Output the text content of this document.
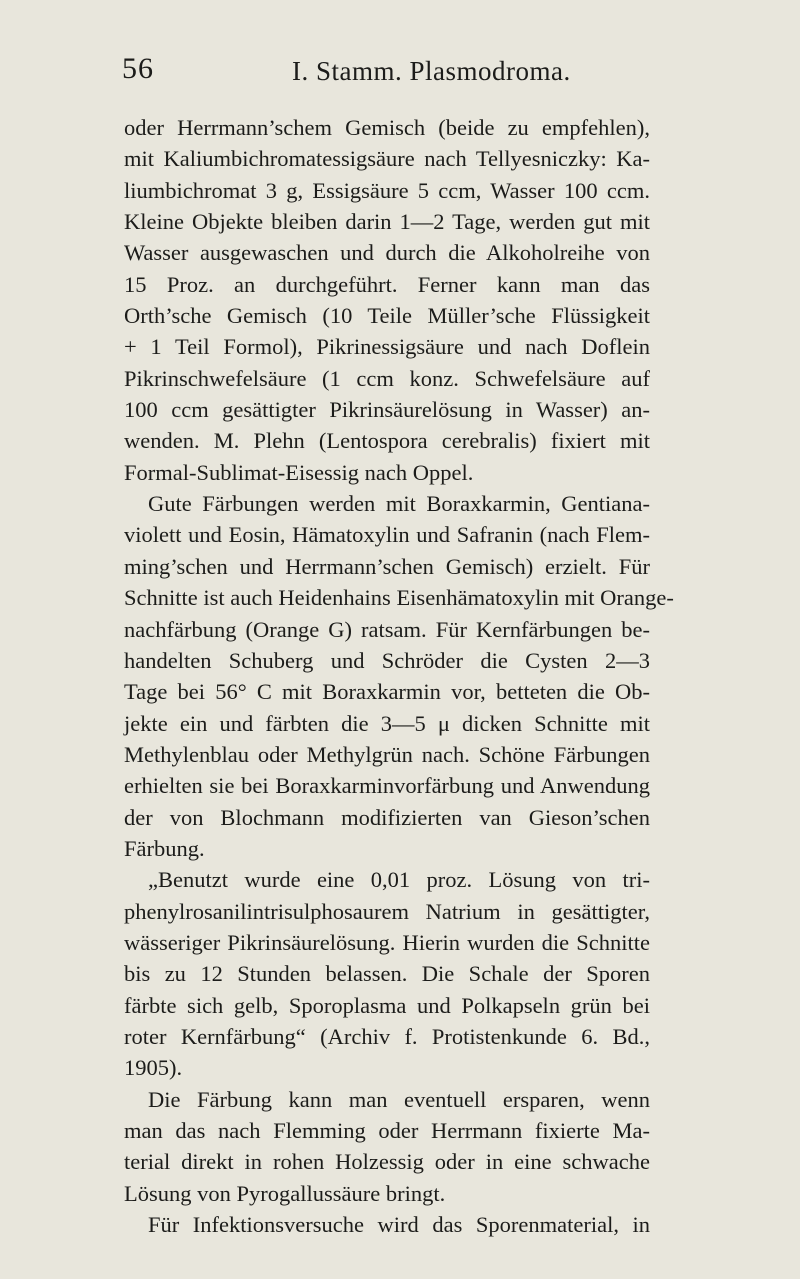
56	I. Stamm. Plasmodroma.
oder Herrmann’schem Gemisch (beide zu empfehlen),
mit Kaliumbichromatessigsäure nach Tellyesniczky: Ka-
liumbichromat 3 g, Essigsäure 5 ccm, Wasser 100 ccm.
Kleine Objekte bleiben darin 1—2 Tage, werden gut mit
Wasser ausgewaschen und durch die Alkoholreihe von
15 Proz. an durchgeführt. Ferner kann man das
Orth’sche Gemisch (10 Teile Müller’sche Flüssigkeit
+ 1 Teil Formol), Pikrinessigsäure und nach Doflein
Pikrinschwefelsäure (1 ccm konz. Schwefelsäure auf
100 ccm gesättigter Pikrinsäurelösung in Wasser) an-
wenden. M. Plehn (Lentospora cerebralis) fixiert mit
Formal-Sublimat-Eisessig nach Oppel.
Gute Färbungen werden mit Boraxkarmin, Gentiana-
violett und Eosin, Hämatoxylin und Safranin (nach Flem-
ming’schen und Herrmann’schen Gemisch) erzielt. Für
Schnitte ist auch Heidenhains Eisenhämatoxylin mit Orange-
nachfärbung (Orange G) ratsam. Für Kernfärbungen be-
handelten Schuberg und Schröder die Cysten 2—3
Tage bei 56° C mit Boraxkarmin vor, betteten die Ob-
jekte ein und färbten die 3—5 μ dicken Schnitte mit
Methylenblau oder Methylgrün nach. Schöne Färbungen
erhielten sie bei Boraxkarminvorfärbung und Anwendung
der von Blochmann modifizierten van Gieson’schen
Färbung.
„Benutzt wurde eine 0,01 proz. Lösung von tri-
phenylrosanilintrisulphosaurem Natrium in gesättigter,
wässeriger Pikrinsäurelösung. Hierin wurden die Schnitte
bis zu 12 Stunden belassen. Die Schale der Sporen
färbte sich gelb, Sporoplasma und Polkapseln grün bei
roter Kernfärbung“ (Archiv f. Protistenkunde 6. Bd.,
1905).
Die Färbung kann man eventuell ersparen, wenn
man das nach Flemming oder Herrmann fixierte Ma-
terial direkt in rohen Holzessig oder in eine schwache
Lösung von Pyrogallussäure bringt.
Für Infektionsversuche wird das Sporenmaterial, in
